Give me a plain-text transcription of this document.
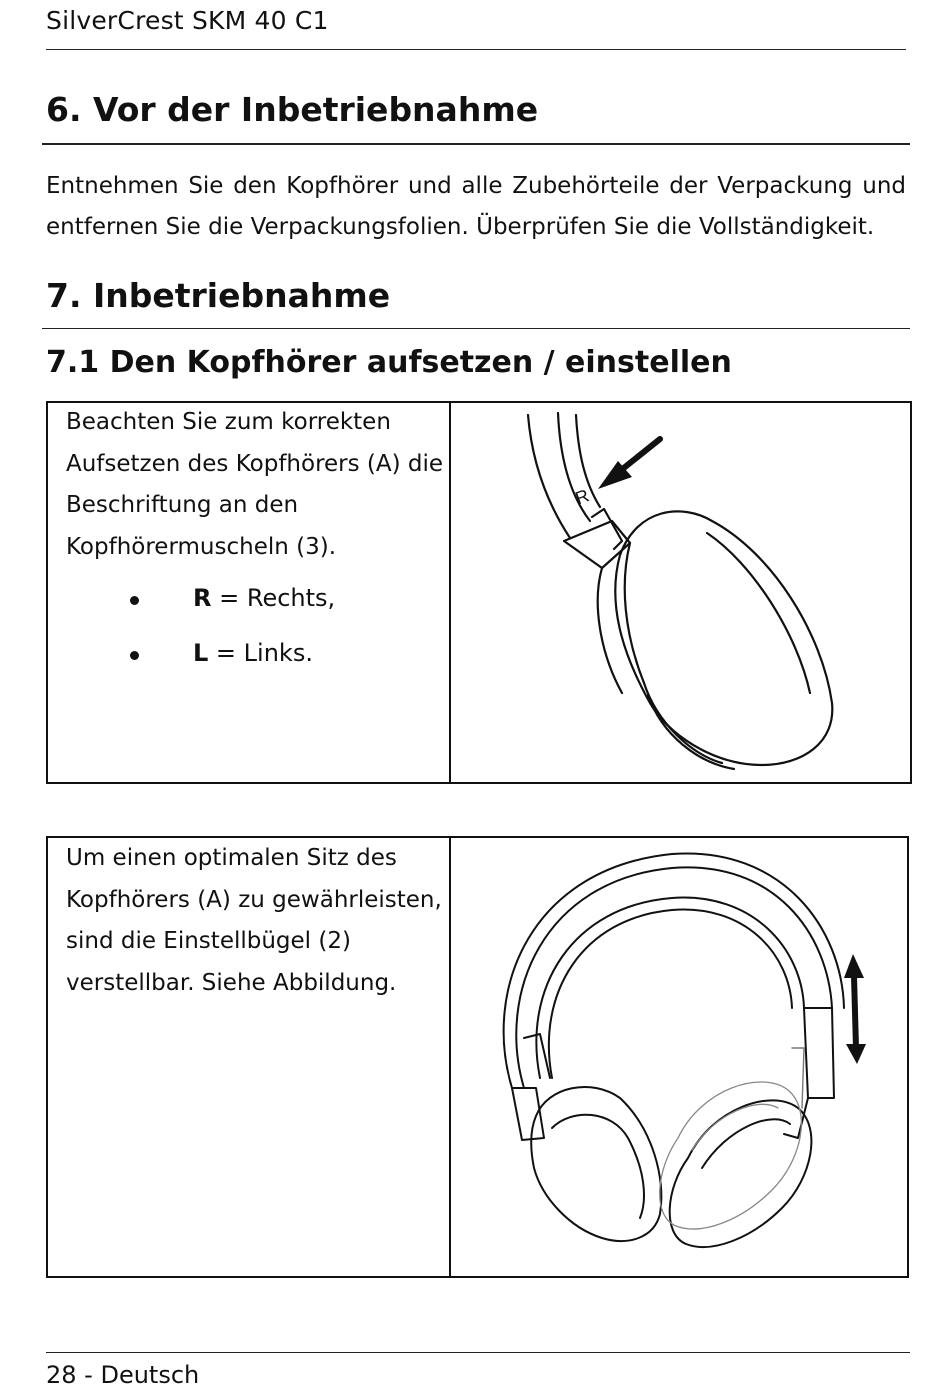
SilverCrest SKM 40 C1
6. Vor der Inbetriebnahme
Entnehmen Sie den Kopfhörer und alle Zubehörteile der Verpackung und
entfernen Sie die Verpackungsfolien. Überprüfen Sie die Vollständigkeit.
7. Inbetriebnahme
7.1 Den Kopfhörer aufsetzen / einstellen
Beachten Sie zum korrekten
Aufsetzen des Kopfhörers (A) die
Beschriftung an den
Kopfhörermuscheln (3).
R = Rechts,
L = Links.
R
Um einen optimalen Sitz des
Kopfhörers (A) zu gewährleisten,
sind die Einstellbügel (2)
verstellbar. Siehe Abbildung.
28 - Deutsch
